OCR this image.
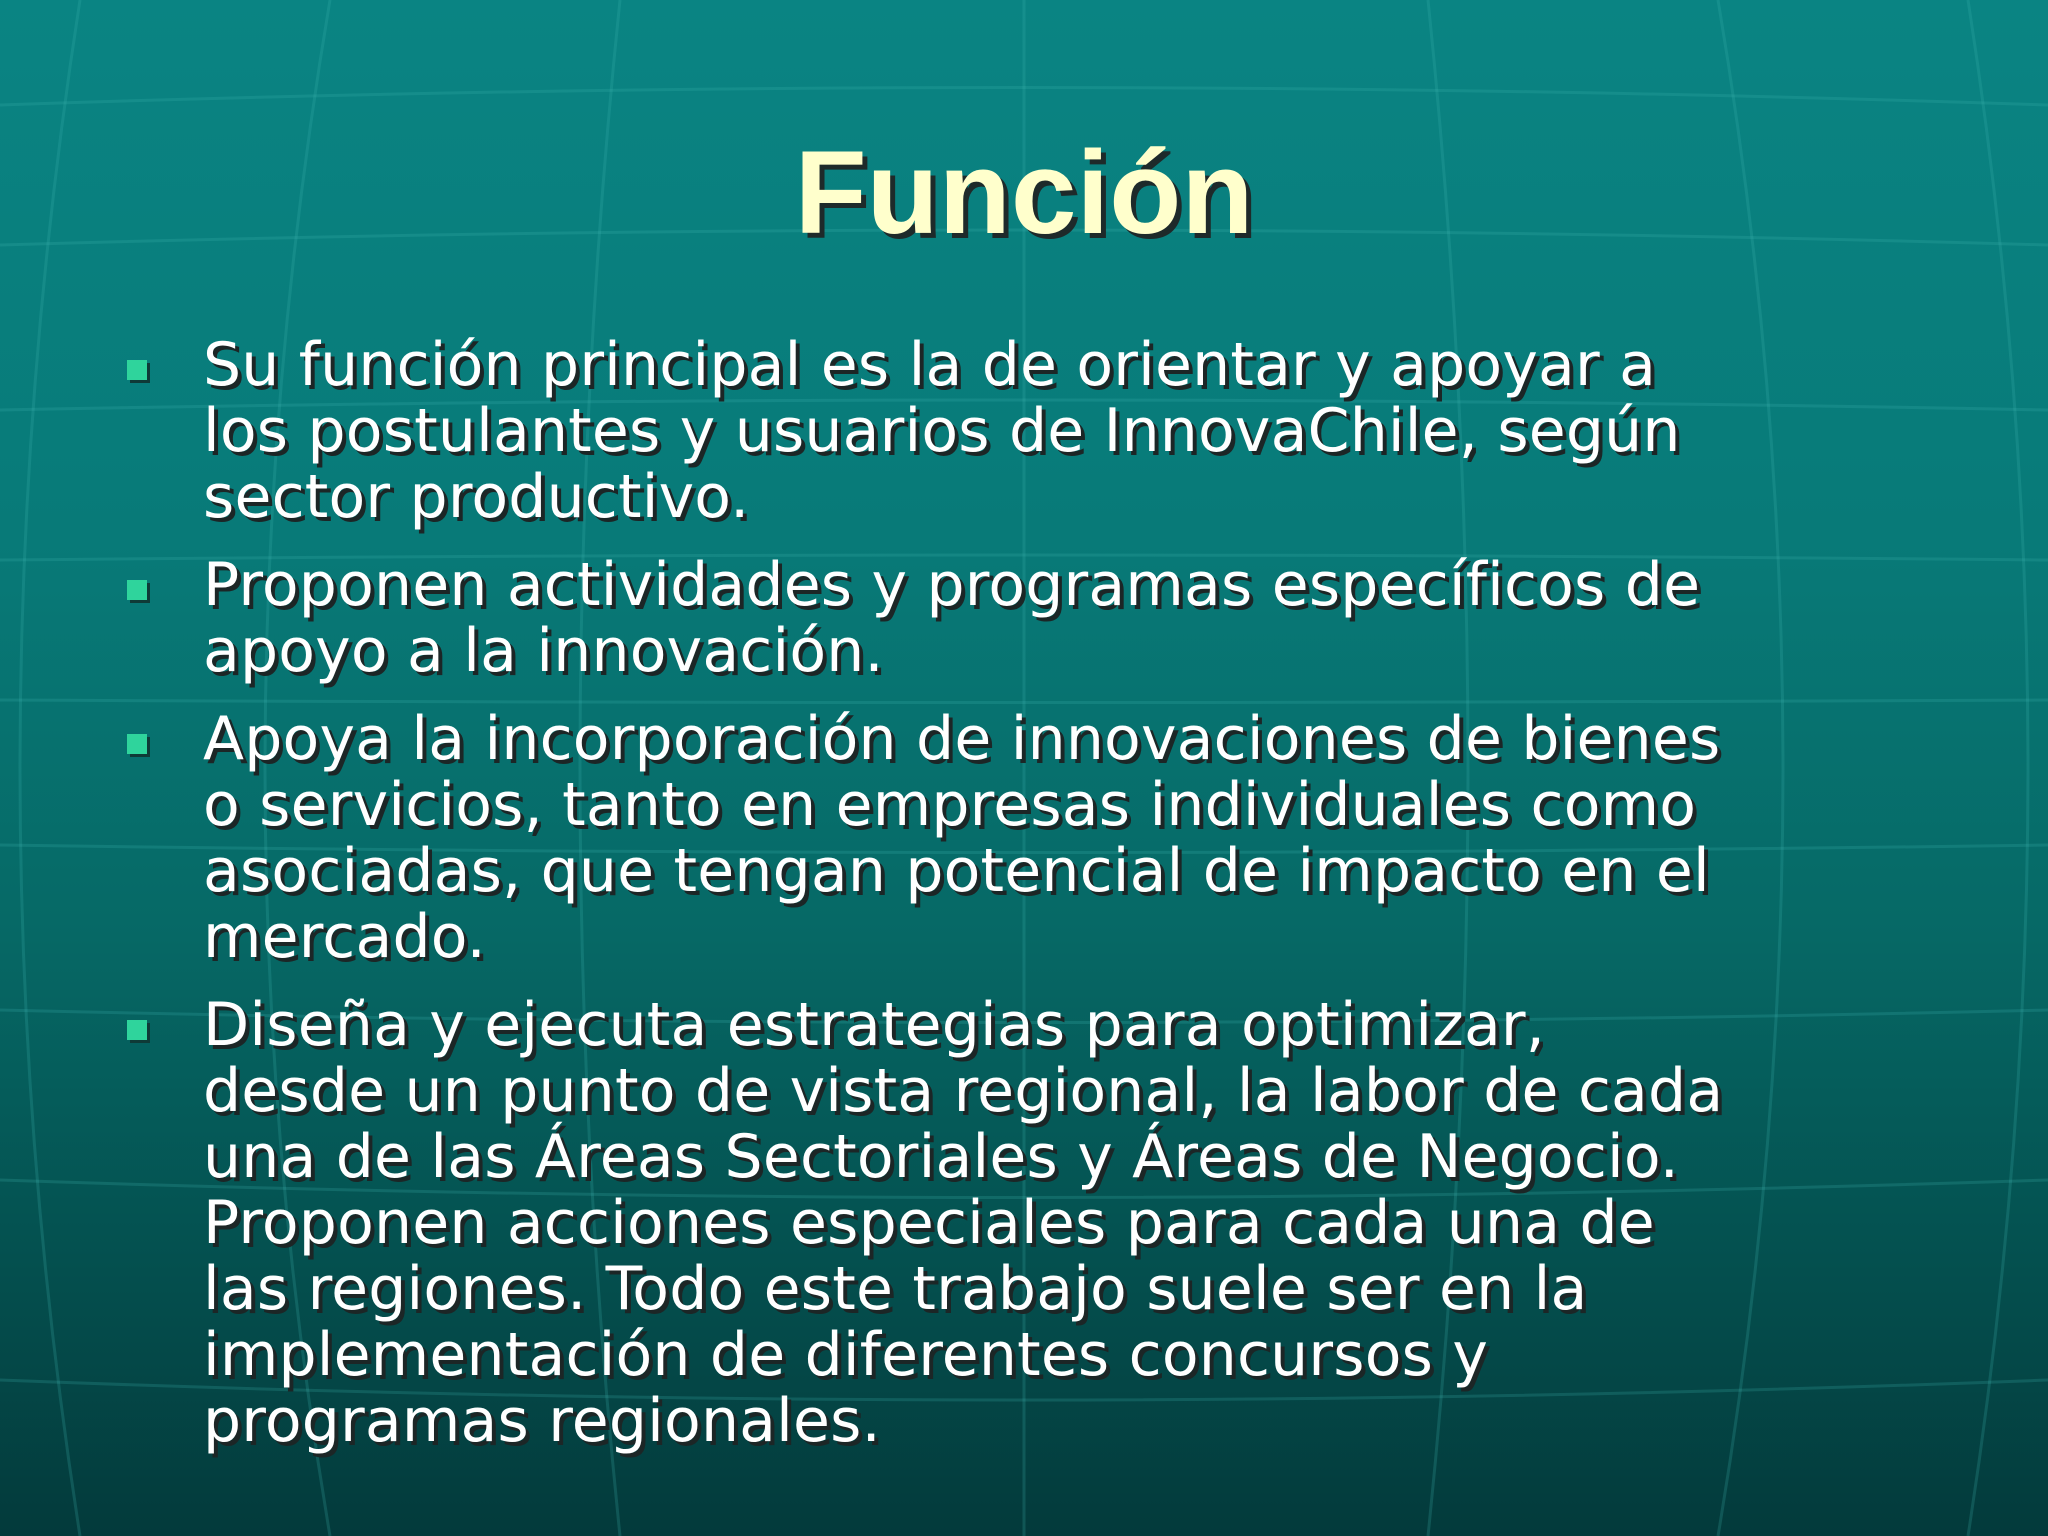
Función
Su función principal es la de orientar y apoyar a
los postulantes y usuarios de InnovaChile, según
sector productivo.
Proponen actividades y programas específicos de
apoyo a la innovación.
Apoya la incorporación de innovaciones de bienes
o servicios, tanto en empresas individuales como
asociadas, que tengan potencial de impacto en el
mercado.
Diseña y ejecuta estrategias para optimizar,
desde un punto de vista regional, la labor de cada
una de las Áreas Sectoriales y Áreas de Negocio.
Proponen acciones especiales para cada una de
las regiones. Todo este trabajo suele ser en la
implementación de diferentes concursos y
programas regionales.
